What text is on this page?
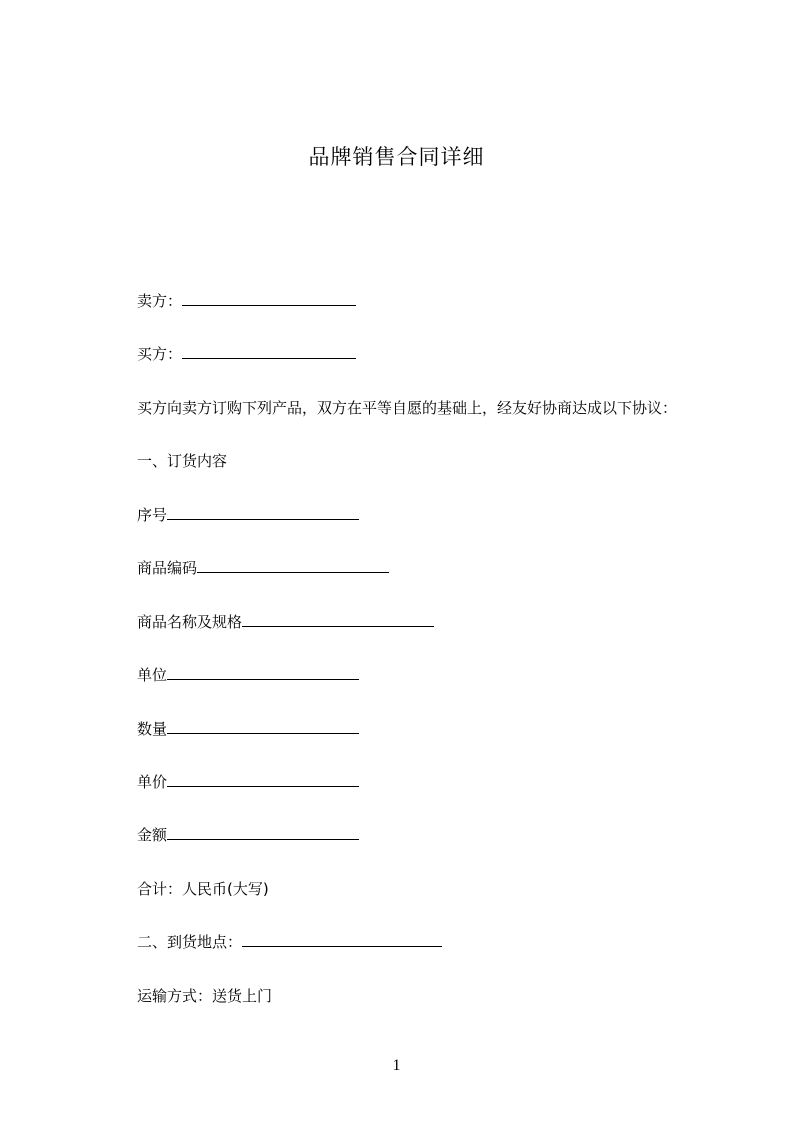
品牌销售合同详细
卖方：
买方：
买方向卖方订购下列产品，双方在平等自愿的基础上，经友好协商达成以下协议：
一、订货内容
序号
商品编码
商品名称及规格
单位
数量
单价
金额
合计：人民币(大写)
二、到货地点：
运输方式：送货上门
1
